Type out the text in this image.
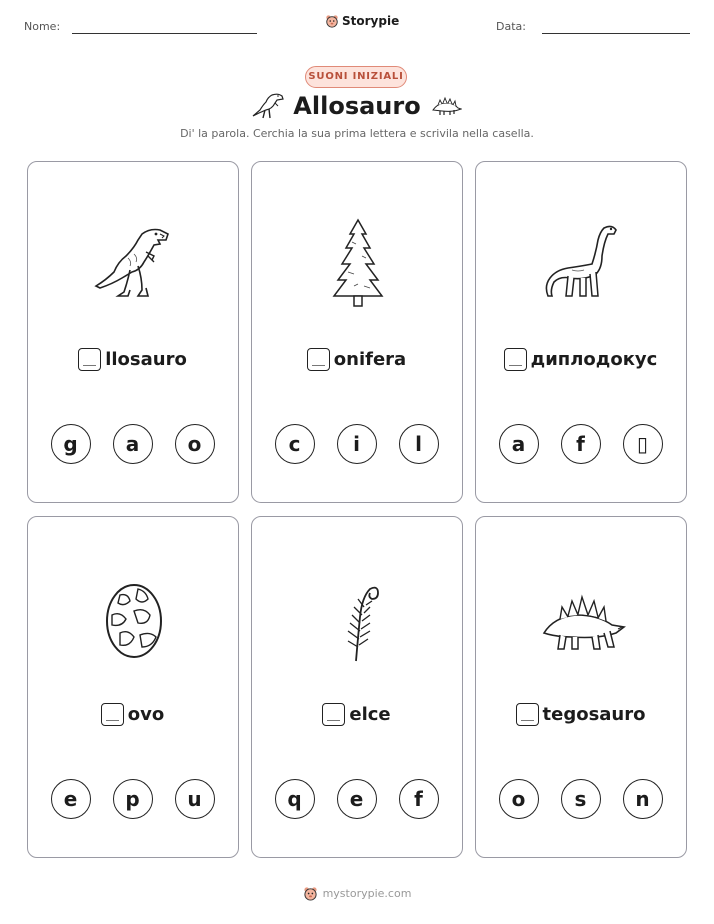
Nome:	Storypie	Data:
SUONI INIZIALI
Allosauro
Di' la parola. Cerchia la sua prima lettera e scrivila nella casella.
llosauro
g	a	o
onifera
c	i	l
диплодокус
a	f	▯
ovo
e	p	u
elce
q	e	f
tegosauro
o	s	n
mystorypie.com
